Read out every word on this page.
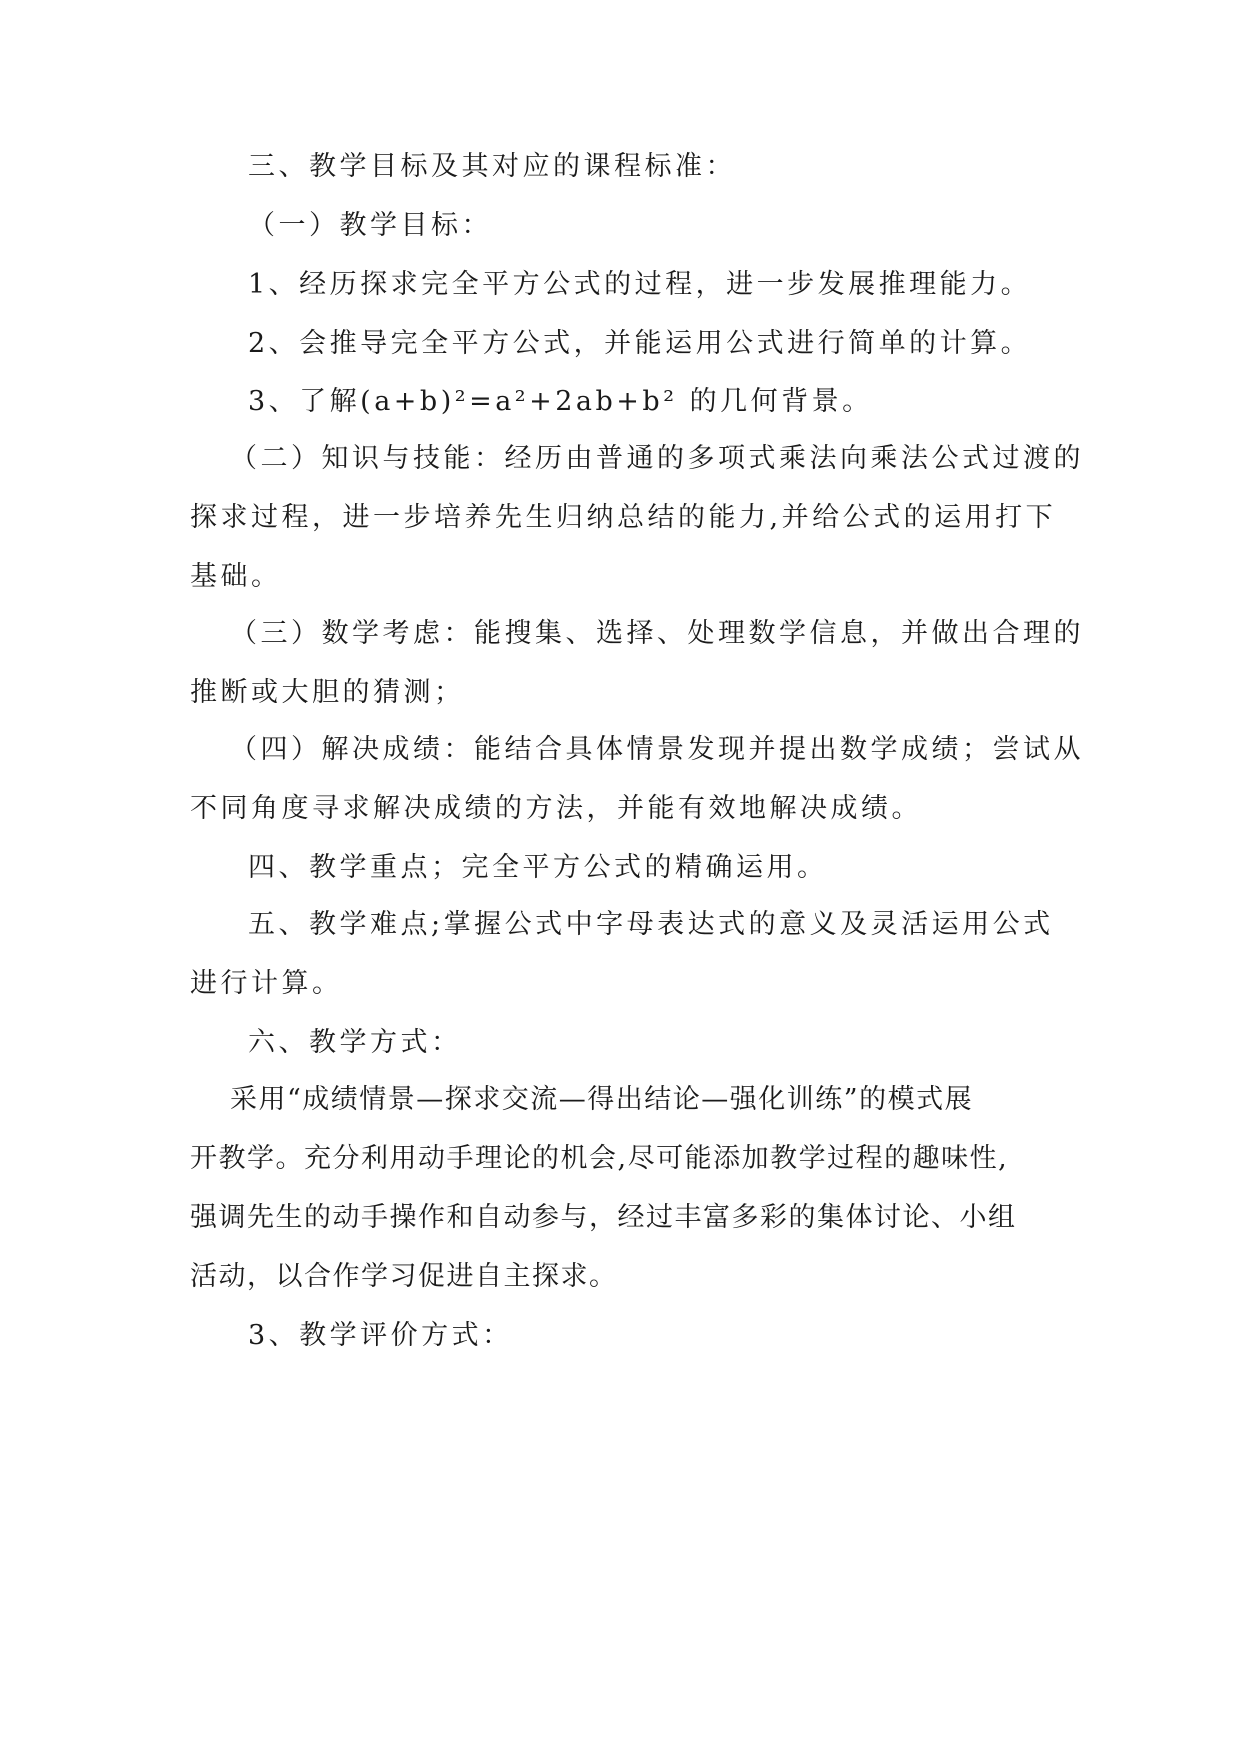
三、教学目标及其对应的课程标准：
（一）教学目标：
1、经历探求完全平方公式的过程，进一步发展推理能力。
2、会推导完全平方公式，并能运用公式进行简单的计算。
3、了解(a+b)²=a²+2ab+b² 的几何背景。
（二）知识与技能：经历由普通的多项式乘法向乘法公式过渡的
探求过程，进一步培养先生归纳总结的能力,并给公式的运用打下
基础。
（三）数学考虑：能搜集、选择、处理数学信息，并做出合理的
推断或大胆的猜测；
（四）解决成绩：能结合具体情景发现并提出数学成绩；尝试从
不同角度寻求解决成绩的方法，并能有效地解决成绩。
四、教学重点；完全平方公式的精确运用。
五、教学难点;掌握公式中字母表达式的意义及灵活运用公式
进行计算。
六、教学方式：
采用“成绩情景—探求交流—得出结论—强化训练”的模式展
开教学。充分利用动手理论的机会,尽可能添加教学过程的趣味性,
强调先生的动手操作和自动参与，经过丰富多彩的集体讨论、小组
活动，以合作学习促进自主探求。
3、教学评价方式：
